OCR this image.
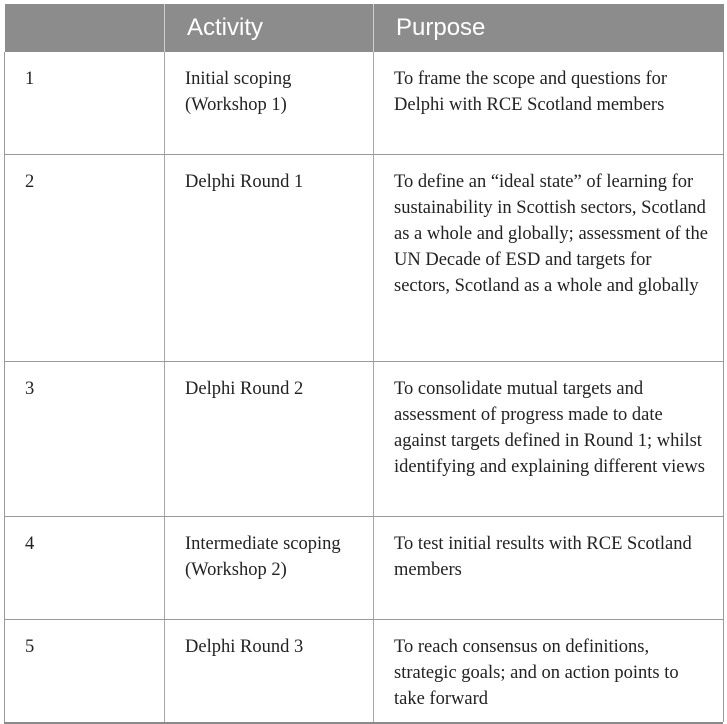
	Activity	Purpose
1	Initial scoping (Workshop 1)	To frame the scope and questions for Delphi with RCE Scotland members
2	Delphi Round 1	To define an “ideal state” of learning for sustainability in Scottish sectors, Scotland as a whole and globally; assessment of the UN Decade of ESD and targets for sectors, Scotland as a whole and globally
3	Delphi Round 2	To consolidate mutual targets and assessment of progress made to date against targets defined in Round 1; whilst identifying and explaining different views
4	Intermediate scoping (Workshop 2)	To test initial results with RCE Scotland members
5	Delphi Round 3	To reach consensus on definitions, strategic goals; and on action points to take forward
